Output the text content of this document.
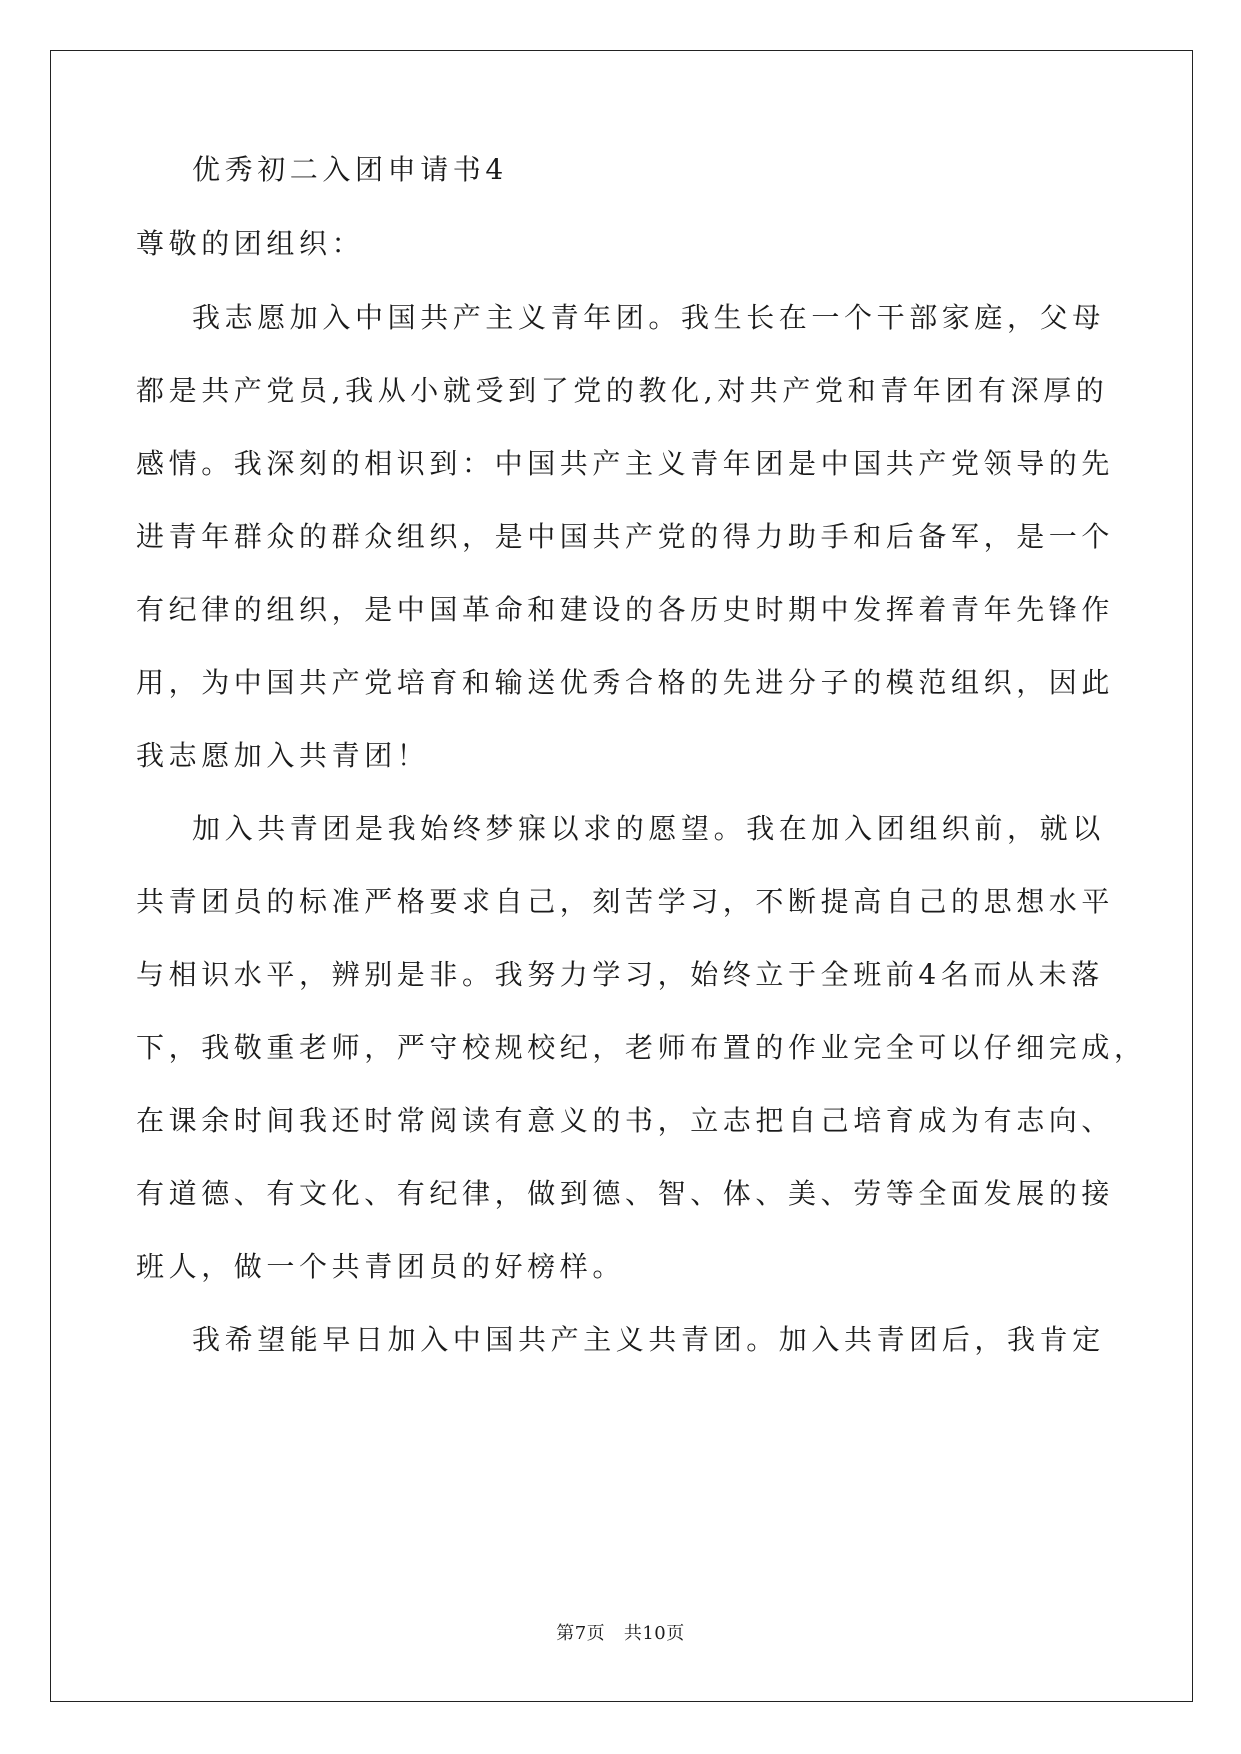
优秀初二入团申请书4
尊敬的团组织：
我志愿加入中国共产主义青年团。我生长在一个干部家庭，父母
都是共产党员,我从小就受到了党的教化,对共产党和青年团有深厚的
感情。我深刻的相识到：中国共产主义青年团是中国共产党领导的先
进青年群众的群众组织，是中国共产党的得力助手和后备军，是一个
有纪律的组织，是中国革命和建设的各历史时期中发挥着青年先锋作
用，为中国共产党培育和输送优秀合格的先进分子的模范组织，因此
我志愿加入共青团！
加入共青团是我始终梦寐以求的愿望。我在加入团组织前，就以
共青团员的标准严格要求自己，刻苦学习，不断提高自己的思想水平
与相识水平，辨别是非。我努力学习，始终立于全班前4名而从未落
下，我敬重老师，严守校规校纪，老师布置的作业完全可以仔细完成，
在课余时间我还时常阅读有意义的书，立志把自己培育成为有志向、
有道德、有文化、有纪律，做到德、智、体、美、劳等全面发展的接
班人，做一个共青团员的好榜样。
我希望能早日加入中国共产主义共青团。加入共青团后，我肯定
第7页   共10页
